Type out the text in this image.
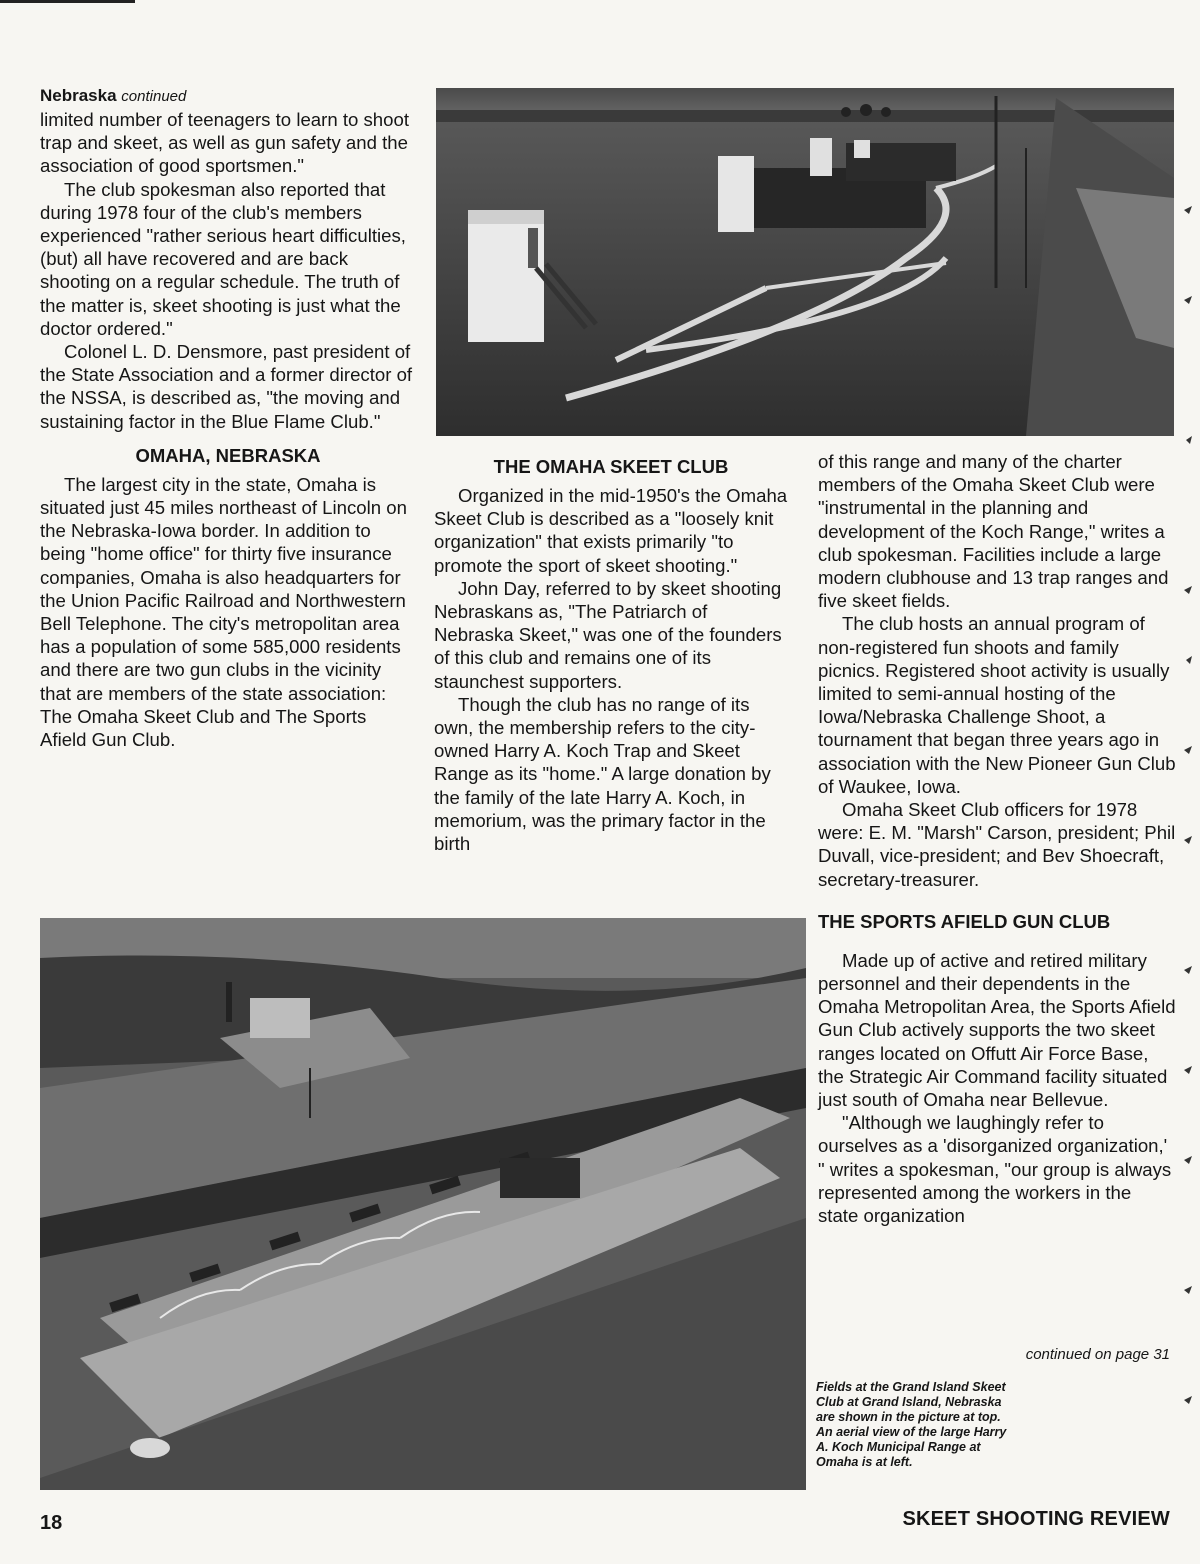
Nebraska continued

limited number of teenagers to learn to shoot trap and skeet, as well as gun safety and the association of good sportsmen."

The club spokesman also reported that during 1978 four of the club's members experienced "rather serious heart difficulties, (but) all have recovered and are back shooting on a regular schedule. The truth of the matter is, skeet shooting is just what the doctor ordered."

Colonel L. D. Densmore, past president of the State Association and a former director of the NSSA, is described as, "the moving and sustaining factor in the Blue Flame Club."

OMAHA, NEBRASKA

The largest city in the state, Omaha is situated just 45 miles northeast of Lincoln on the Nebraska-Iowa border. In addition to being "home office" for thirty five insurance companies, Omaha is also headquarters for the Union Pacific Railroad and Northwestern Bell Telephone. The city's metropolitan area has a population of some 585,000 residents and there are two gun clubs in the vicinity that are members of the state association: The Omaha Skeet Club and The Sports Afield Gun Club.

THE OMAHA SKEET CLUB

Organized in the mid-1950's the Omaha Skeet Club is described as a "loosely knit organization" that exists primarily "to promote the sport of skeet shooting."

John Day, referred to by skeet shooting Nebraskans as, "The Patriarch of Nebraska Skeet," was one of the founders of this club and remains one of its staunchest supporters.

Though the club has no range of its own, the membership refers to the city-owned Harry A. Koch Trap and Skeet Range as its "home." A large donation by the family of the late Harry A. Koch, in memorium, was the primary factor in the birth

of this range and many of the charter members of the Omaha Skeet Club were "instrumental in the planning and development of the Koch Range," writes a club spokesman. Facilities include a large modern clubhouse and 13 trap ranges and five skeet fields.

The club hosts an annual program of non-registered fun shoots and family picnics. Registered shoot activity is usually limited to semi-annual hosting of the Iowa/Nebraska Challenge Shoot, a tournament that began three years ago in association with the New Pioneer Gun Club of Waukee, Iowa.

Omaha Skeet Club officers for 1978 were: E. M. "Marsh" Carson, president; Phil Duvall, vice-president; and Bev Shoecraft, secretary-treasurer.

THE SPORTS AFIELD GUN CLUB

Made up of active and retired military personnel and their dependents in the Omaha Metropolitan Area, the Sports Afield Gun Club actively supports the two skeet ranges located on Offutt Air Force Base, the Strategic Air Command facility situated just south of Omaha near Bellevue.

"Although we laughingly refer to ourselves as a 'disorganized organization,' " writes a spokesman, "our group is always represented among the workers in the state organization

continued on page 31
Fields at the Grand Island Skeet Club at Grand Island, Nebraska are shown in the picture at top. An aerial view of the large Harry A. Koch Municipal Range at Omaha is at left.
18	SKEET SHOOTING REVIEW
